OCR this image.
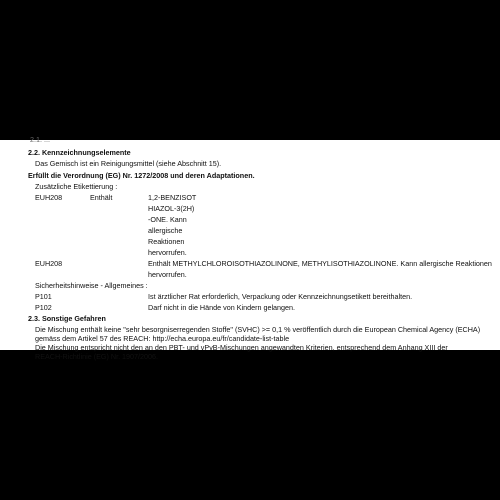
2.1. ...
2.2. Kennzeichnungselemente
Das Gemisch ist ein Reinigungsmittel (siehe Abschnitt 15).
Erfüllt die Verordnung (EG) Nr. 1272/2008 und deren Adaptationen.
Zusätzliche Etikettierung :
EUH208	Enthält	1,2-BENZISOT
HIAZOL-3(2H)
-ONE. Kann
allergische
Reaktionen
hervorrufen.
EUH208	Enthält METHYLCHLOROISOTHIAZOLINONE, METHYLISOTHIAZOLINONE. Kann allergische Reaktionen
hervorrufen.
Sicherheitshinweise - Allgemeines :
P101	Ist ärztlicher Rat erforderlich, Verpackung oder Kennzeichnungsetikett bereithalten.
P102	Darf nicht in die Hände von Kindern gelangen.
2.3. Sonstige Gefahren
Die Mischung enthält keine "sehr besorgniserregenden Stoffe" (SVHC) >= 0,1 % veröffentlich durch die European Chemical Agency (ECHA)
gemäss dem Artikel 57 des REACH: http://echa.europa.eu/fr/candidate-list-table
Die Mischung entspricht nicht den an den PBT- und vPvB-Mischungen angewandten Kriterien, entsprechend dem Anhang XIII der
REACH-Richtlinie (EG) Nr. 1907/2006.
